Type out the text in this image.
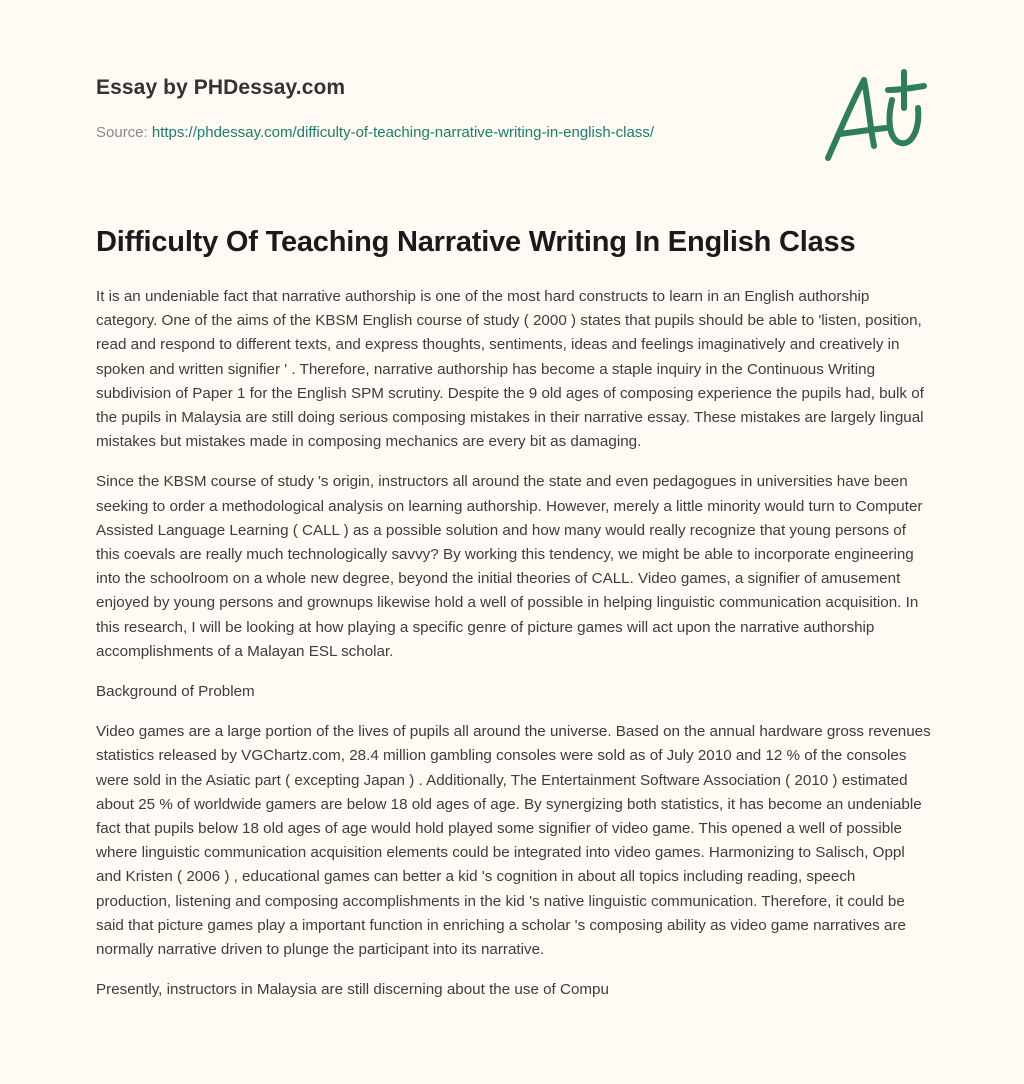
Essay by PHDessay.com
Source: https://phdessay.com/difficulty-of-teaching-narrative-writing-in-english-class/
Difficulty Of Teaching Narrative Writing In English Class

It is an undeniable fact that narrative authorship is one of the most hard constructs to learn in an English authorship category. One of the aims of the KBSM English course of study ( 2000 ) states that pupils should be able to 'listen, position, read and respond to different texts, and express thoughts, sentiments, ideas and feelings imaginatively and creatively in spoken and written signifier ' . Therefore, narrative authorship has become a staple inquiry in the Continuous Writing subdivision of Paper 1 for the English SPM scrutiny. Despite the 9 old ages of composing experience the pupils had, bulk of the pupils in Malaysia are still doing serious composing mistakes in their narrative essay. These mistakes are largely lingual mistakes but mistakes made in composing mechanics are every bit as damaging.

Since the KBSM course of study 's origin, instructors all around the state and even pedagogues in universities have been seeking to order a methodological analysis on learning authorship. However, merely a little minority would turn to Computer Assisted Language Learning ( CALL ) as a possible solution and how many would really recognize that young persons of this coevals are really much technologically savvy? By working this tendency, we might be able to incorporate engineering into the schoolroom on a whole new degree, beyond the initial theories of CALL. Video games, a signifier of amusement enjoyed by young persons and grownups likewise hold a well of possible in helping linguistic communication acquisition. In this research, I will be looking at how playing a specific genre of picture games will act upon the narrative authorship accomplishments of a Malayan ESL scholar.

Background of Problem

Video games are a large portion of the lives of pupils all around the universe. Based on the annual hardware gross revenues statistics released by VGChartz.com, 28.4 million gambling consoles were sold as of July 2010 and 12 % of the consoles were sold in the Asiatic part ( excepting Japan ) . Additionally, The Entertainment Software Association ( 2010 ) estimated about 25 % of worldwide gamers are below 18 old ages of age. By synergizing both statistics, it has become an undeniable fact that pupils below 18 old ages of age would hold played some signifier of video game. This opened a well of possible where linguistic communication acquisition elements could be integrated into video games. Harmonizing to Salisch, Oppl and Kristen ( 2006 ) , educational games can better a kid 's cognition in about all topics including reading, speech production, listening and composing accomplishments in the kid 's native linguistic communication. Therefore, it could be said that picture games play a important function in enriching a scholar 's composing ability as video game narratives are normally narrative driven to plunge the participant into its narrative.

Presently, instructors in Malaysia are still discerning about the use of Compu
